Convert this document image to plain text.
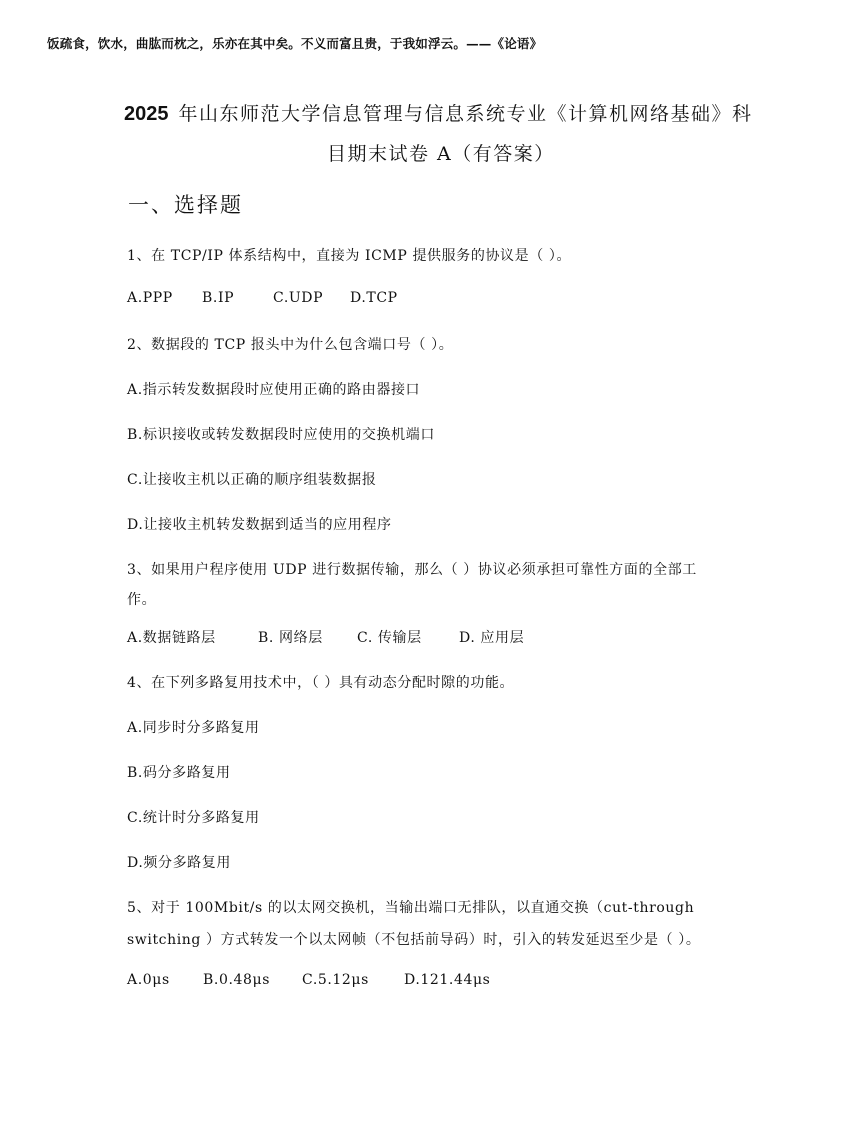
饭疏食，饮水，曲肱而枕之，乐亦在其中矣。不义而富且贵，于我如浮云。——《论语》
2025 年山东师范大学信息管理与信息系统专业《计算机网络基础》科
目期末试卷 A（有答案）
一、选择题
1、在 TCP/IP 体系结构中，直接为 ICMP 提供服务的协议是（ ）。
A.PPP B.IP	C.UDP D.TCP
2、数据段的 TCP 报头中为什么包含端口号（ ）。
A.指示转发数据段时应使用正确的路由器接口
B.标识接收或转发数据段时应使用的交换机端口
C.让接收主机以正确的顺序组装数据报
D.让接收主机转发数据到适当的应用程序
3、如果用户程序使用 UDP 进行数据传输，那么（ ）协议必须承担可靠性方面的全部工
作。
A.数据链路层	B. 网络层 C. 传输层	D. 应用层
4、在下列多路复用技术中，（ ）具有动态分配时隙的功能。
A.同步时分多路复用
B.码分多路复用
C.统计时分多路复用
D.频分多路复用
5、对于 100Mbit/s 的以太网交换机，当输出端口无排队，以直通交换（cut-through
switching ）方式转发一个以太网帧（不包括前导码）时，引入的转发延迟至少是（ ）。
A.0μs B.0.48μs C.5.12μs	D.121.44μs
